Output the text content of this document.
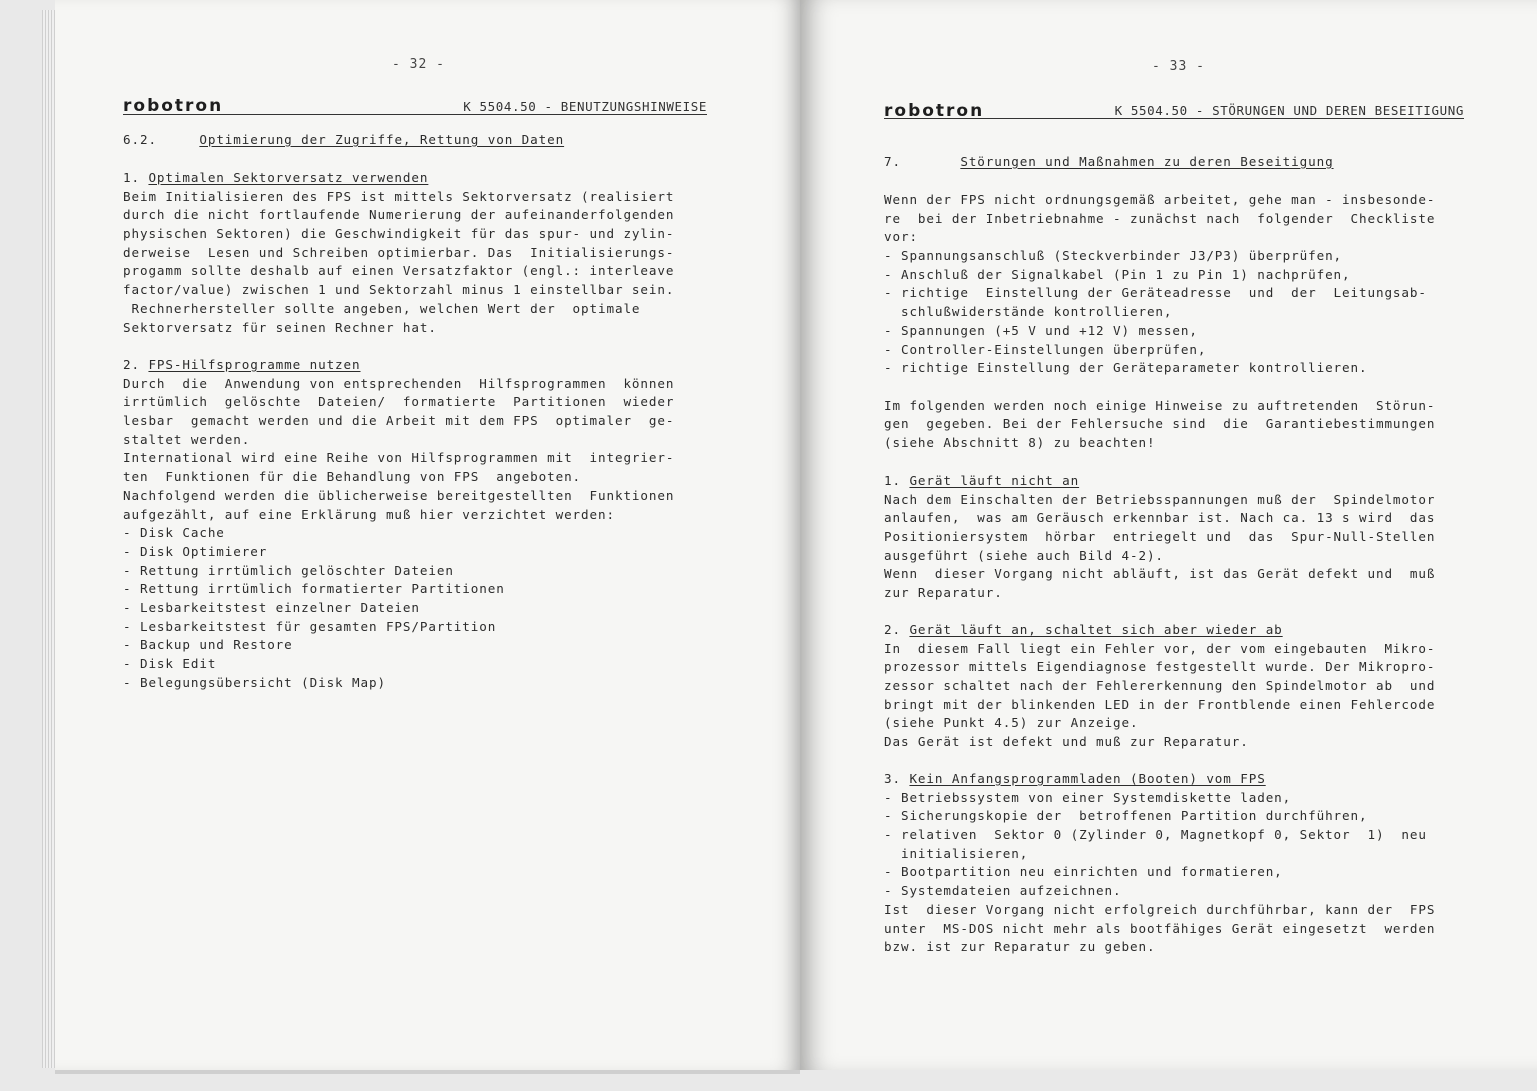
- 32 -
robotron	K 5504.50 - BENUTZUNGSHINWEISE
6.2.	Optimierung der Zugriffe, Rettung von Daten
1. Optimalen Sektorversatz verwenden
Beim Initialisieren des FPS ist mittels Sektorversatz (realisiert
durch die nicht fortlaufende Numerierung der aufeinanderfolgenden
physischen Sektoren) die Geschwindigkeit für das spur- und zylin-
derweise  Lesen und Schreiben optimierbar. Das  Initialisierungs-
progamm sollte deshalb auf einen Versatzfaktor (engl.: interleave
factor/value) zwischen 1 und Sektorzahl minus 1 einstellbar sein.
Rechnerhersteller sollte angeben, welchen Wert der  optimale
Sektorversatz für seinen Rechner hat.
2. FPS-Hilfsprogramme nutzen
Durch  die  Anwendung von entsprechenden  Hilfsprogrammen  können
irrtümlich  gelöschte  Dateien/  formatierte  Partitionen  wieder
lesbar  gemacht werden und die Arbeit mit dem FPS  optimaler  ge-
staltet werden.
International wird eine Reihe von Hilfsprogrammen mit  integrier-
ten  Funktionen für die Behandlung von FPS  angeboten.
Nachfolgend werden die üblicherweise bereitgestellten  Funktionen
aufgezählt, auf eine Erklärung muß hier verzichtet werden:
- Disk Cache
- Disk Optimierer
- Rettung irrtümlich gelöschter Dateien
- Rettung irrtümlich formatierter Partitionen
- Lesbarkeitstest einzelner Dateien
- Lesbarkeitstest für gesamten FPS/Partition
- Backup und Restore
- Disk Edit
- Belegungsübersicht (Disk Map)
- 33 -
robotron	K 5504.50 - STÖRUNGEN UND DEREN BESEITIGUNG
7.	Störungen und Maßnahmen zu deren Beseitigung
Wenn der FPS nicht ordnungsgemäß arbeitet, gehe man - insbesonde-
re  bei der Inbetriebnahme - zunächst nach  folgender  Checkliste
vor:
- Spannungsanschluß (Steckverbinder J3/P3) überprüfen,
- Anschluß der Signalkabel (Pin 1 zu Pin 1) nachprüfen,
- richtige  Einstellung der Geräteadresse  und  der  Leitungsab-
schlußwiderstände kontrollieren,
- Spannungen (+5 V und +12 V) messen,
- Controller-Einstellungen überprüfen,
- richtige Einstellung der Geräteparameter kontrollieren.
Im folgenden werden noch einige Hinweise zu auftretenden  Störun-
gen  gegeben. Bei der Fehlersuche sind  die  Garantiebestimmungen
(siehe Abschnitt 8) zu beachten!
1. Gerät läuft nicht an
Nach dem Einschalten der Betriebsspannungen muß der  Spindelmotor
anlaufen,  was am Geräusch erkennbar ist. Nach ca. 13 s wird  das
Positioniersystem  hörbar  entriegelt und  das  Spur-Null-Stellen
ausgeführt (siehe auch Bild 4-2).
Wenn  dieser Vorgang nicht abläuft, ist das Gerät defekt und  muß
zur Reparatur.
2. Gerät läuft an, schaltet sich aber wieder ab
In  diesem Fall liegt ein Fehler vor, der vom eingebauten  Mikro-
prozessor mittels Eigendiagnose festgestellt wurde. Der Mikropro-
zessor schaltet nach der Fehlererkennung den Spindelmotor ab  und
bringt mit der blinkenden LED in der Frontblende einen Fehlercode
(siehe Punkt 4.5) zur Anzeige.
Das Gerät ist defekt und muß zur Reparatur.
3. Kein Anfangsprogrammladen (Booten) vom FPS
- Betriebssystem von einer Systemdiskette laden,
- Sicherungskopie der  betroffenen Partition durchführen,
- relativen  Sektor 0 (Zylinder 0, Magnetkopf 0, Sektor  1)  neu
initialisieren,
- Bootpartition neu einrichten und formatieren,
- Systemdateien aufzeichnen.
Ist  dieser Vorgang nicht erfolgreich durchführbar, kann der  FPS
unter  MS-DOS nicht mehr als bootfähiges Gerät eingesetzt  werden
bzw. ist zur Reparatur zu geben.
